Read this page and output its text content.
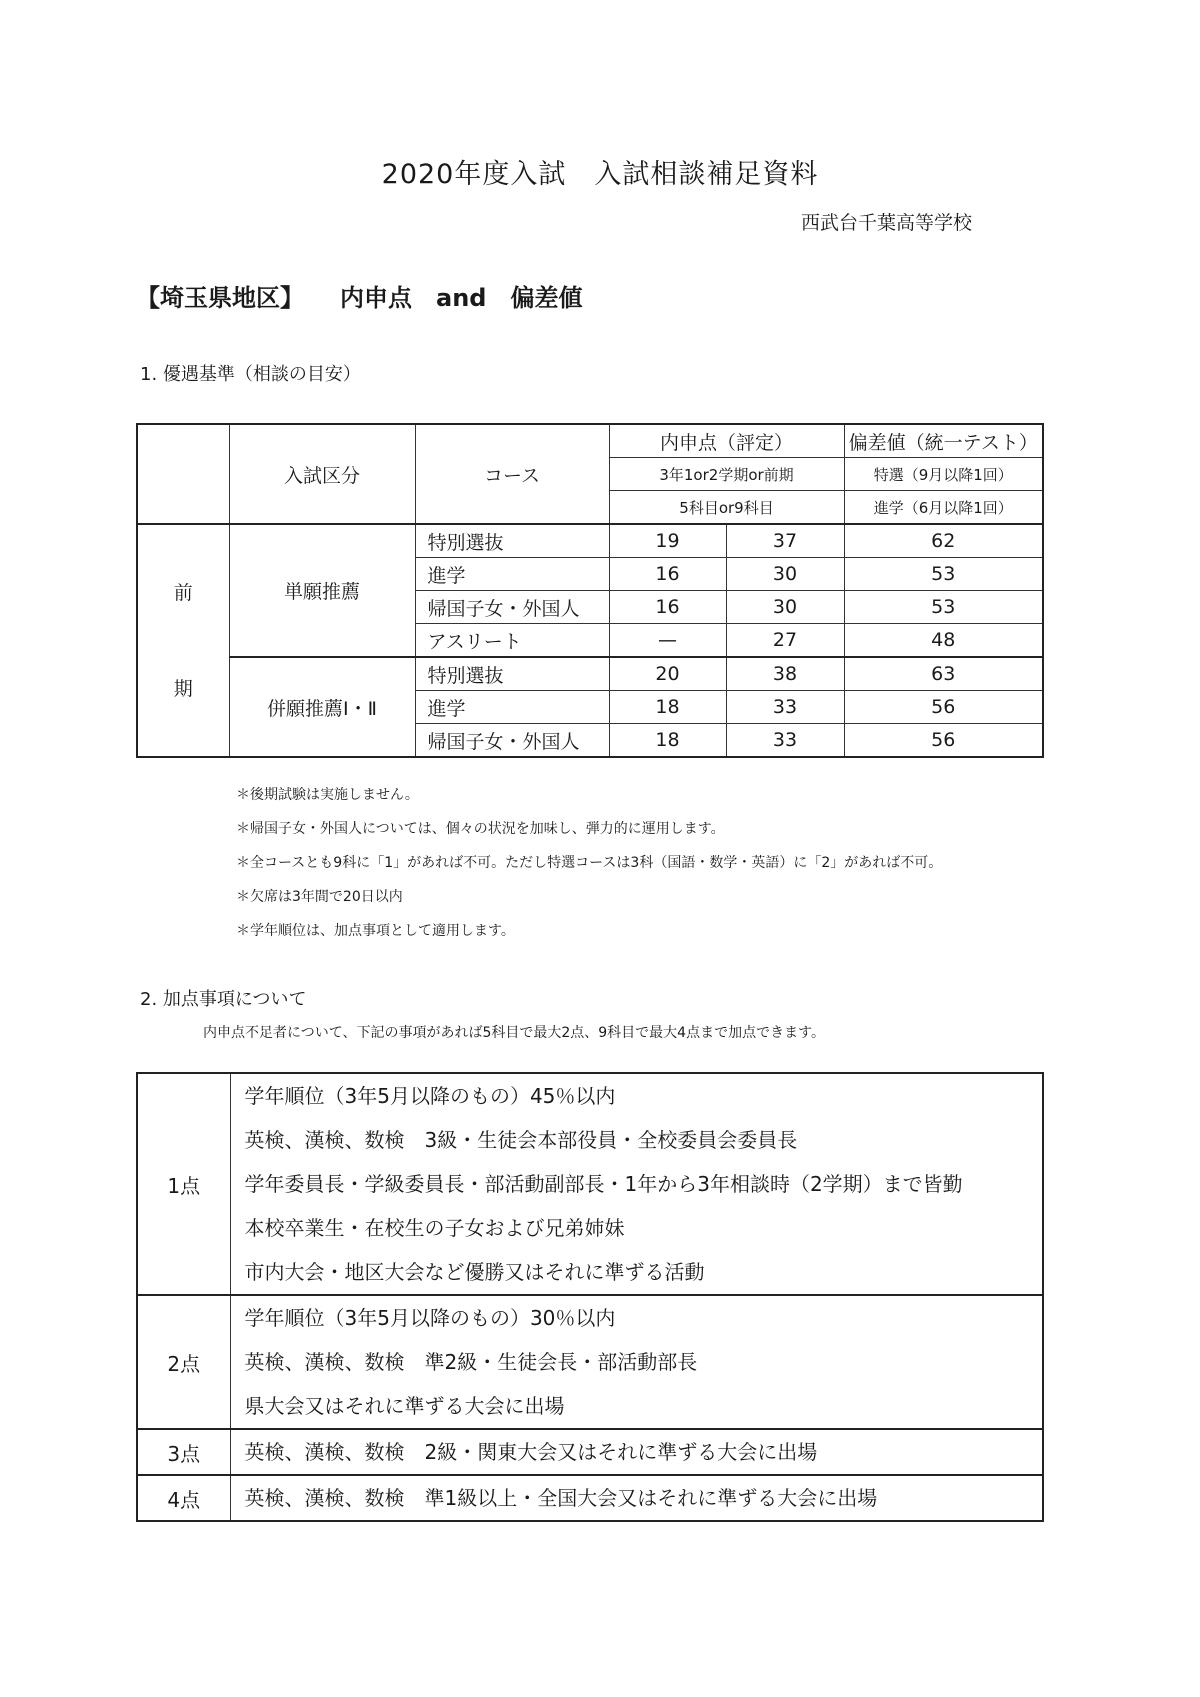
2020年度入試　入試相談補足資料
西武台千葉高等学校
【埼玉県地区】　　内申点　and　偏差値
1. 優遇基準（相談の目安）
	入試区分	コース	内申点（評定）		偏差値（統一テスト）
			3年1or2学期or前期		特選（9月以降1回）
			5科目or9科目		進学（6月以降1回）

前
期	単願推薦	特別選抜	19	37	62
		進学	16	30	53
		帰国子女・外国人	16	30	53
		アスリート	—	27	48
	併願推薦Ⅰ・Ⅱ	特別選抜	20	38	63
		進学	18	33	56
		帰国子女・外国人	18	33	56
＊後期試験は実施しません。
＊帰国子女・外国人については、個々の状況を加味し、弾力的に運用します。
＊全コースとも9科に「1」があれば不可。ただし特選コースは3科（国語・数学・英語）に「2」があれば不可。
＊欠席は3年間で20日以内
＊学年順位は、加点事項として適用します。
2. 加点事項について
内申点不足者について、下記の事項があれば5科目で最大2点、9科目で最大4点まで加点できます。
1点	学年順位（3年5月以降のもの）45％以内
英検、漢検、数検　3級・生徒会本部役員・全校委員会委員長
学年委員長・学級委員長・部活動副部長・1年から3年相談時（2学期）まで皆勤
本校卒業生・在校生の子女および兄弟姉妹
市内大会・地区大会など優勝又はそれに準ずる活動

2点	学年順位（3年5月以降のもの）30％以内
英検、漢検、数検　準2級・生徒会長・部活動部長
県大会又はそれに準ずる大会に出場

3点	英検、漢検、数検　2級・関東大会又はそれに準ずる大会に出場

4点	英検、漢検、数検　準1級以上・全国大会又はそれに準ずる大会に出場
